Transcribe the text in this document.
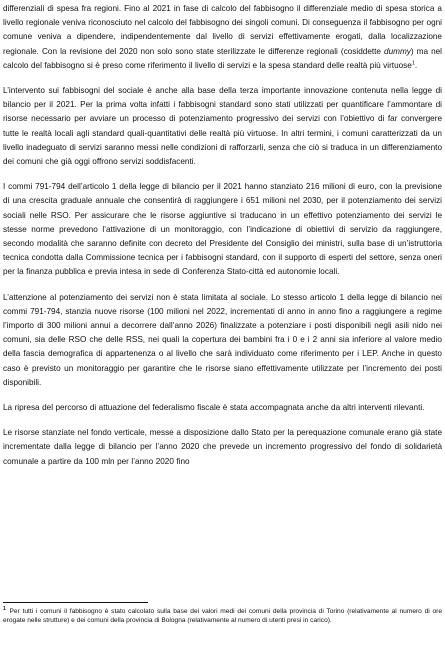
differenziali di spesa fra regioni. Fino al 2021 in fase di calcolo del fabbisogno il differenziale medio di spesa storica a livello regionale veniva riconosciuto nel calcolo del fabbisogno dei singoli comuni. Di conseguenza il fabbisogno per ogni comune veniva a dipendere, indipendentemente dal livello di servizi effettivamente erogati, dalla localizzazione regionale. Con la revisione del 2020 non solo sono state sterilizzate le differenze regionali (cosiddette dummy) ma nel calcolo del fabbisogno si è preso come riferimento il livello di servizi e la spesa standard delle realtà più virtuose$^1$.

L’intervento sui fabbisogni del sociale è anche alla base della terza importante innovazione contenuta nella legge di bilancio per il 2021. Per la prima volta infatti i fabbisogni standard sono stati utilizzati per quantificare l’ammontare di risorse necessario per avviare un processo di potenziamento progressivo dei servizi con l’obiettivo di far convergere tutte le realtà locali agli standard quali-quantitativi delle realtà più virtuose. In altri termini, i comuni caratterizzati da un livello inadeguato di servizi saranno messi nelle condizioni di rafforzarli, senza che ciò si traduca in un differenziamento dei comuni che già oggi offrono servizi soddisfacenti.

I commi 791-794 dell’articolo 1 della legge di bilancio per il 2021 hanno stanziato 216 milioni di euro, con la previsione di una crescita graduale annuale che consentirà di raggiungere i 651 milioni nel 2030, per il potenziamento dei servizi sociali nelle RSO. Per assicurare che le risorse aggiuntive si traducano in un effettivo potenziamento dei servizi le stesse norme prevedono l’attivazione di un monitoraggio, con l’indicazione di obiettivi di servizio da raggiungere, secondo modalità che saranno definite con decreto del Presidente del Consiglio dei ministri, sulla base di un’istruttoria tecnica condotta dalla Commissione tecnica per i fabbisogni standard, con il supporto di esperti del settore, senza oneri per la finanza pubblica e previa intesa in sede di Conferenza Stato-città ed autonomie locali.

L’attenzione al potenziamento dei servizi non è stata limitata al sociale. Lo stesso articolo 1 della legge di bilancio nei commi 791-794, stanzia nuove risorse (100 milioni nel 2022, incrementati di anno in anno fino a raggiungere a regime l’importo di 300 milioni annui a decorrere dall’anno 2026) finalizzate a potenziare i posti disponibili negli asili nido nei comuni, sia delle RSO che delle RSS, nei quali la copertura dei bambini fra i 0 e i 2 anni sia inferiore al valore medio della fascia demografica di appartenenza o al livello che sarà individuato come riferimento per i LEP. Anche in questo caso è previsto un monitoraggio per garantire che le risorse siano effettivamente utilizzate per l’incremento dei posti disponibili.

La ripresa del percorso di attuazione del federalismo fiscale è stata accompagnata anche da altri interventi rilevanti.

Le risorse stanziate nel fondo verticale, messe a disposizione dallo Stato per la perequazione comunale erano già state incrementate dalla legge di bilancio per l’anno 2020 che prevede un incremento progressivo del fondo di solidarietà comunale a partire da 100 mln per l’anno 2020 fino

$^1$ Per tutti i comuni il fabbisogno è stato calcolato sulla base dei valori medi dei comuni della provincia di Torino (relativamente al numero di ore erogate nelle strutture) e dei comuni della provincia di Bologna (relativamente al numero di utenti presi in carico).
